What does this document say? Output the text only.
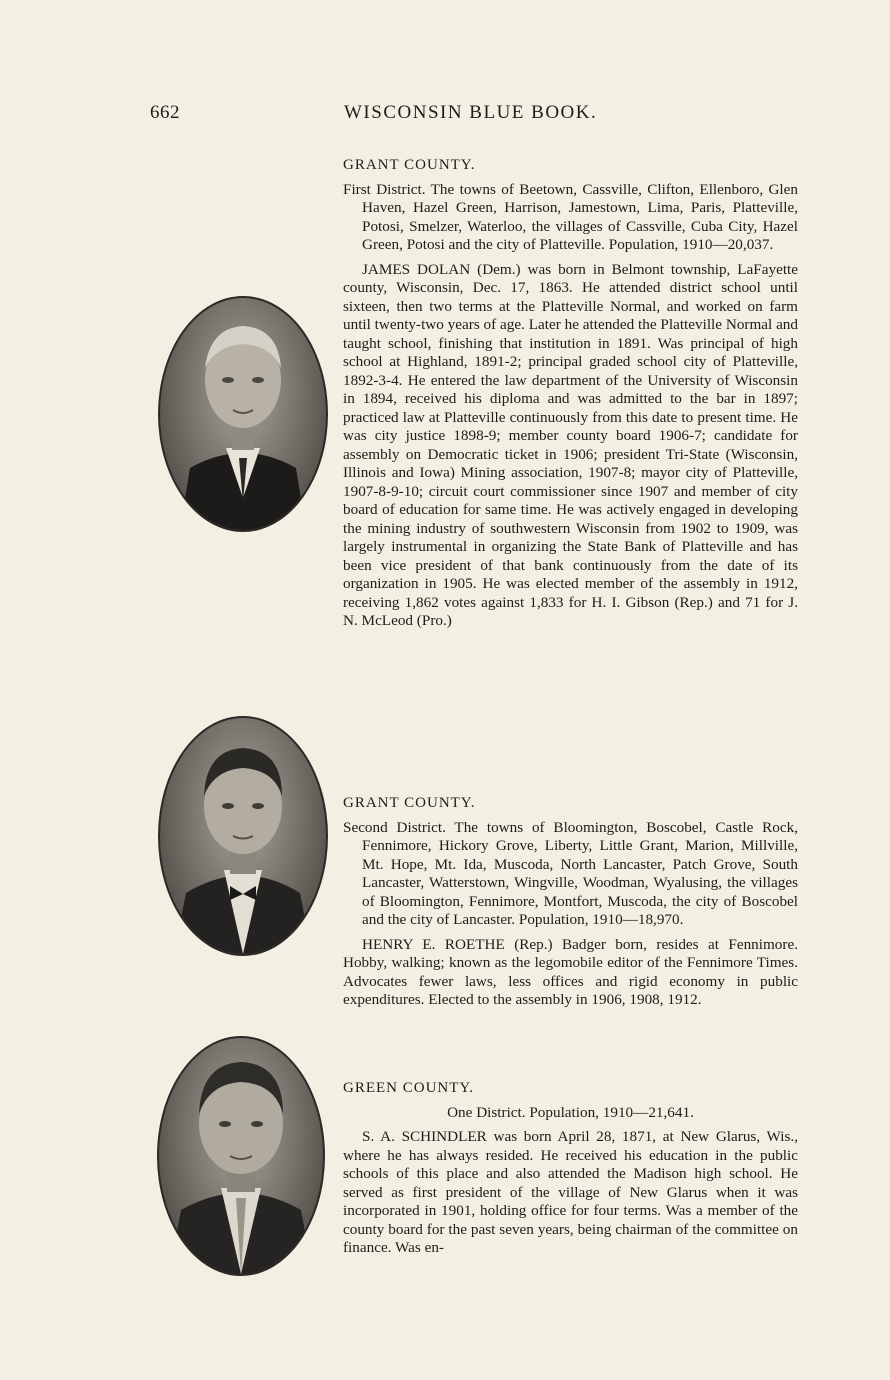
662	WISCONSIN BLUE BOOK.

GRANT COUNTY.

First District. The towns of Beetown, Cassville, Clifton, Ellenboro, Glen Haven, Hazel Green, Harrison, Jamestown, Lima, Paris, Platteville, Potosi, Smelzer, Waterloo, the villages of Cassville, Cuba City, Hazel Green, Potosi and the city of Platteville. Population, 1910—20,037.

JAMES DOLAN (Dem.) was born in Belmont township, LaFayette county, Wisconsin, Dec. 17, 1863. He attended district school until sixteen, then two terms at the Platteville Normal, and worked on farm until twenty-two years of age. Later he attended the Platteville Normal and taught school, finishing that institution in 1891. Was principal of high school at Highland, 1891-2; principal graded school city of Platteville, 1892-3-4. He entered the law department of the University of Wisconsin in 1894, received his diploma and was admitted to the bar in 1897; practiced law at Platteville continuously from this date to present time. He was city justice 1898-9; member county board 1906-7; candidate for assembly on Democratic ticket in 1906; president Tri-State (Wisconsin, Illinois and Iowa) Mining association, 1907-8; mayor city of Platteville, 1907-8-9-10; circuit court commissioner since 1907 and member of city board of education for same time. He was actively engaged in developing the mining industry of southwestern Wisconsin from 1902 to 1909, was largely instrumental in organizing the State Bank of Platteville and has been vice president of that bank continuously from the date of its organization in 1905. He was elected member of the assembly in 1912, receiving 1,862 votes against 1,833 for H. I. Gibson (Rep.) and 71 for J. N. McLeod (Pro.)

GRANT COUNTY.

Second District. The towns of Bloomington, Boscobel, Castle Rock, Fennimore, Hickory Grove, Liberty, Little Grant, Marion, Millville, Mt. Hope, Mt. Ida, Muscoda, North Lancaster, Patch Grove, South Lancaster, Watterstown, Wingville, Woodman, Wyalusing, the villages of Bloomington, Fennimore, Montfort, Muscoda, the city of Boscobel and the city of Lancaster. Population, 1910—18,970.

HENRY E. ROETHE (Rep.) Badger born, resides at Fennimore. Hobby, walking; known as the legomobile editor of the Fennimore Times. Advocates fewer laws, less offices and rigid economy in public expenditures. Elected to the assembly in 1906, 1908, 1912.

GREEN COUNTY.

One District. Population, 1910—21,641.

S. A. SCHINDLER was born April 28, 1871, at New Glarus, Wis., where he has always resided. He received his education in the public schools of this place and also attended the Madison high school. He served as first president of the village of New Glarus when it was incorporated in 1901, holding office for four terms. Was a member of the county board for the past seven years, being chairman of the committee on finance. Was en-
